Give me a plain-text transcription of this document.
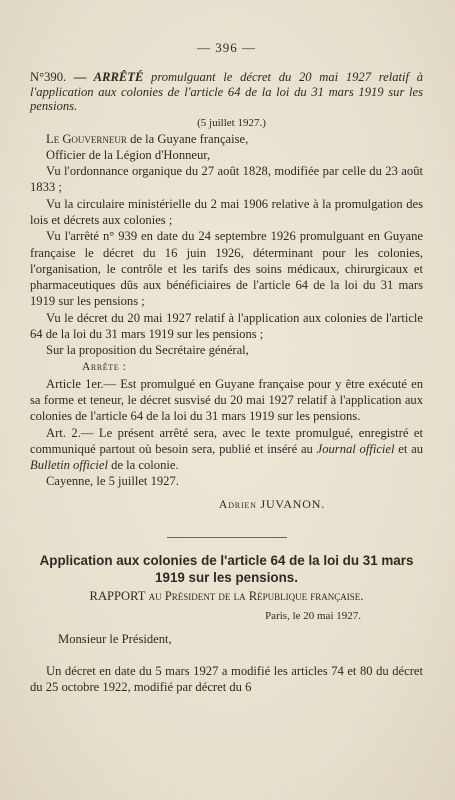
— 396 —

N°390. — ARRÊTÉ promulguant le décret du 20 mai 1927 relatif à l'application aux colonies de l'article 64 de la loi du 31 mars 1919 sur les pensions.

(5 juillet 1927.)

Le Gouverneur de la Guyane française,

Officier de la Légion d'Honneur,

Vu l'ordonnance organique du 27 août 1828, modifiée par celle du 23 août 1833 ;

Vu la circulaire ministérielle du 2 mai 1906 relative à la promulgation des lois et décrets aux colonies ;

Vu l'arrêté n° 939 en date du 24 septembre 1926 promulguant en Guyane française le décret du 16 juin 1926, déterminant pour les colonies, l'organisation, le contrôle et les tarifs des soins médicaux, chirurgicaux et pharmaceutiques dûs aux bénéficiaires de l'article 64 de la loi du 31 mars 1919 sur les pensions ;

Vu le décret du 20 mai 1927 relatif à l'application aux colonies de l'article 64 de la loi du 31 mars 1919 sur les pensions ;

Sur la proposition du Secrétaire général,

Arrête :

Article 1er.— Est promulgué en Guyane française pour y être exécuté en sa forme et teneur, le décret susvisé du 20 mai 1927 relatif à l'application aux colonies de l'article 64 de la loi du 31 mars 1919 sur les pensions.

Art. 2.— Le présent arrêté sera, avec le texte promulgué, enregistré et communiqué partout où besoin sera, publié et inséré au Journal officiel et au Bulletin officiel de la colonie.

Cayenne, le 5 juillet 1927.

Adrien JUVANON.
Application aux colonies de l'article 64 de la loi du 31 mars 1919 sur les pensions.
RAPPORT au Président de la République française.
Paris, le 20 mai 1927.
Monsieur le Président,

Un décret en date du 5 mars 1927 a modifié les articles 74 et 80 du décret du 25 octobre 1922, modifié par décret du 6
